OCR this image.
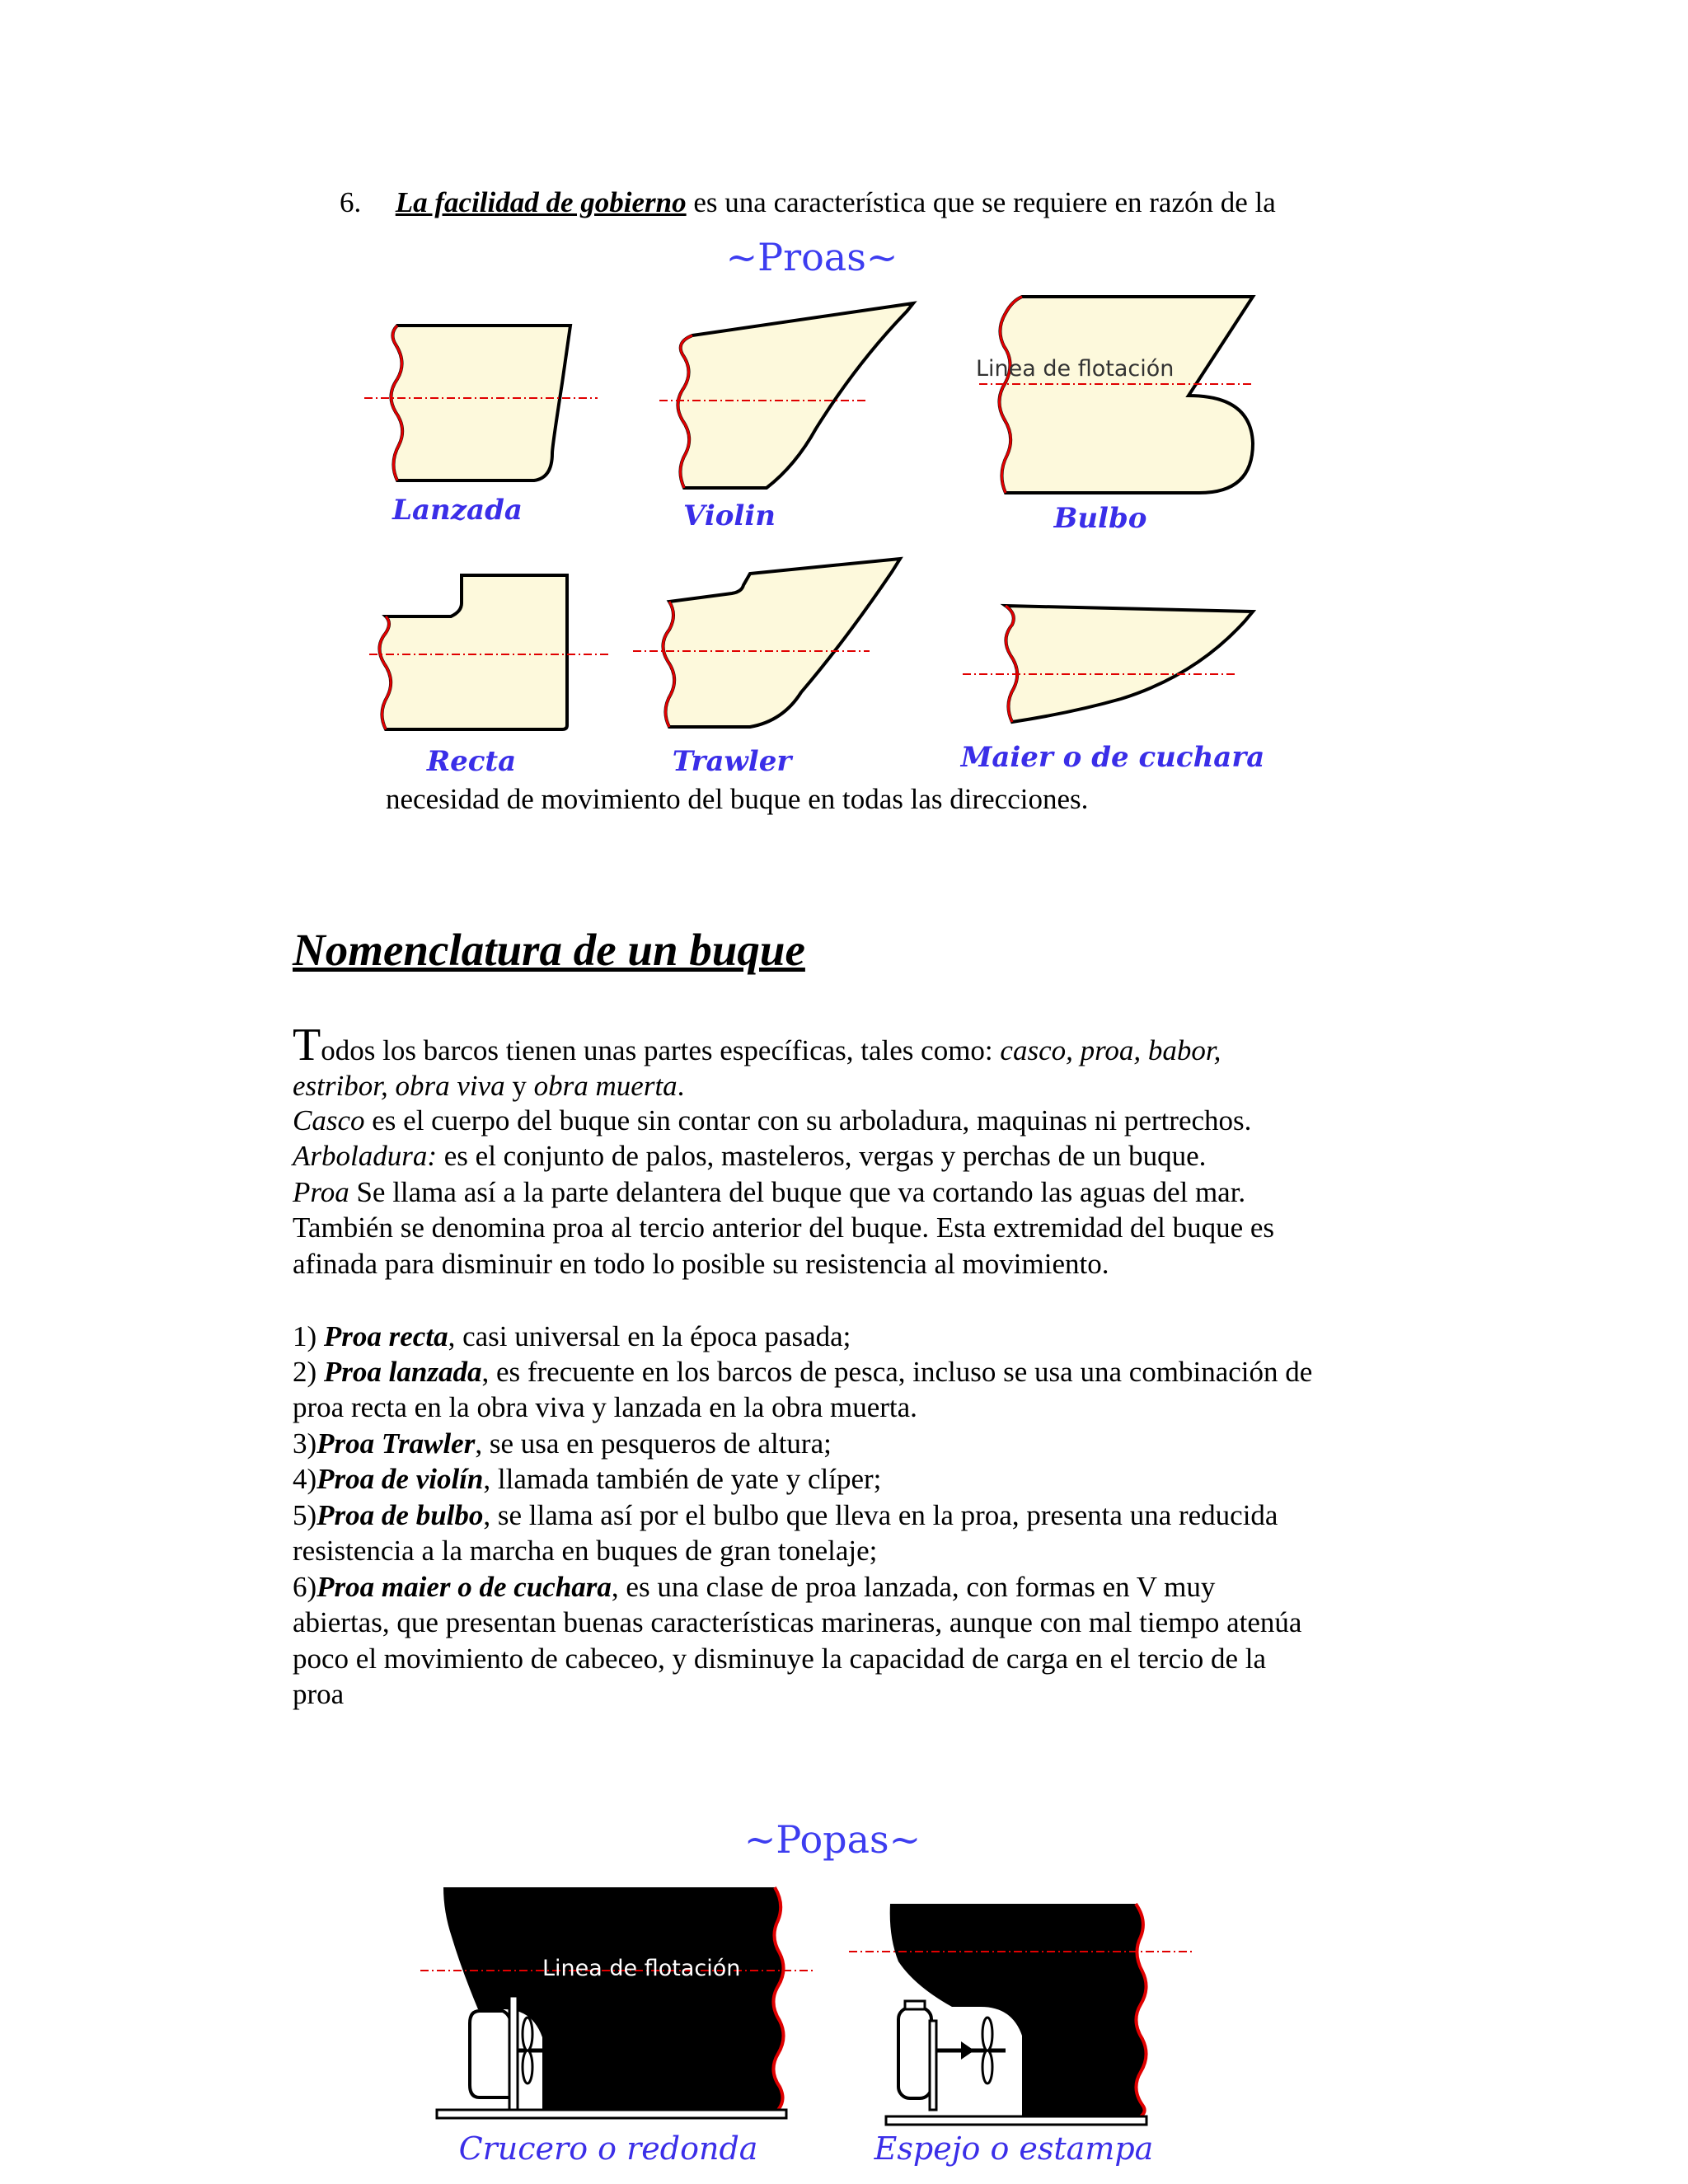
6. La facilidad de gobierno es una característica que se requiere en razón de la
~Proas~
Lanzada	Violin
Linea de flotación
Bulbo
Recta	Trawler	Maier o de cuchara
necesidad de movimiento del buque en todas las direcciones.
Nomenclatura de un buque
Todos los barcos tienen unas partes específicas, tales como: casco, proa, babor,
estribor, obra viva y obra muerta.
Casco es el cuerpo del buque sin contar con su arboladura, maquinas ni pertrechos.
Arboladura: es el conjunto de palos, masteleros, vergas y perchas de un buque.
Proa Se llama así a la parte delantera del buque que va cortando las aguas del mar.
También se denomina proa al tercio anterior del buque. Esta extremidad del buque es
afinada para disminuir en todo lo posible su resistencia al movimiento.
1) Proa recta, casi universal en la época pasada;
2) Proa lanzada, es frecuente en los barcos de pesca, incluso se usa una combinación de
proa recta en la obra viva y lanzada en la obra muerta.
3)Proa Trawler, se usa en pesqueros de altura;
4)Proa de violín, llamada también de yate y clíper;
5)Proa de bulbo, se llama así por el bulbo que lleva en la proa, presenta una reducida
resistencia a la marcha en buques de gran tonelaje;
6)Proa maier o de cuchara, es una clase de proa lanzada, con formas en V muy
abiertas, que presentan buenas características marineras, aunque con mal tiempo atenúa
poco el movimiento de cabeceo, y disminuye la capacidad de carga en el tercio de la
proa
~Popas~
Linea de flotación
Crucero o redonda	Espejo o estampa
